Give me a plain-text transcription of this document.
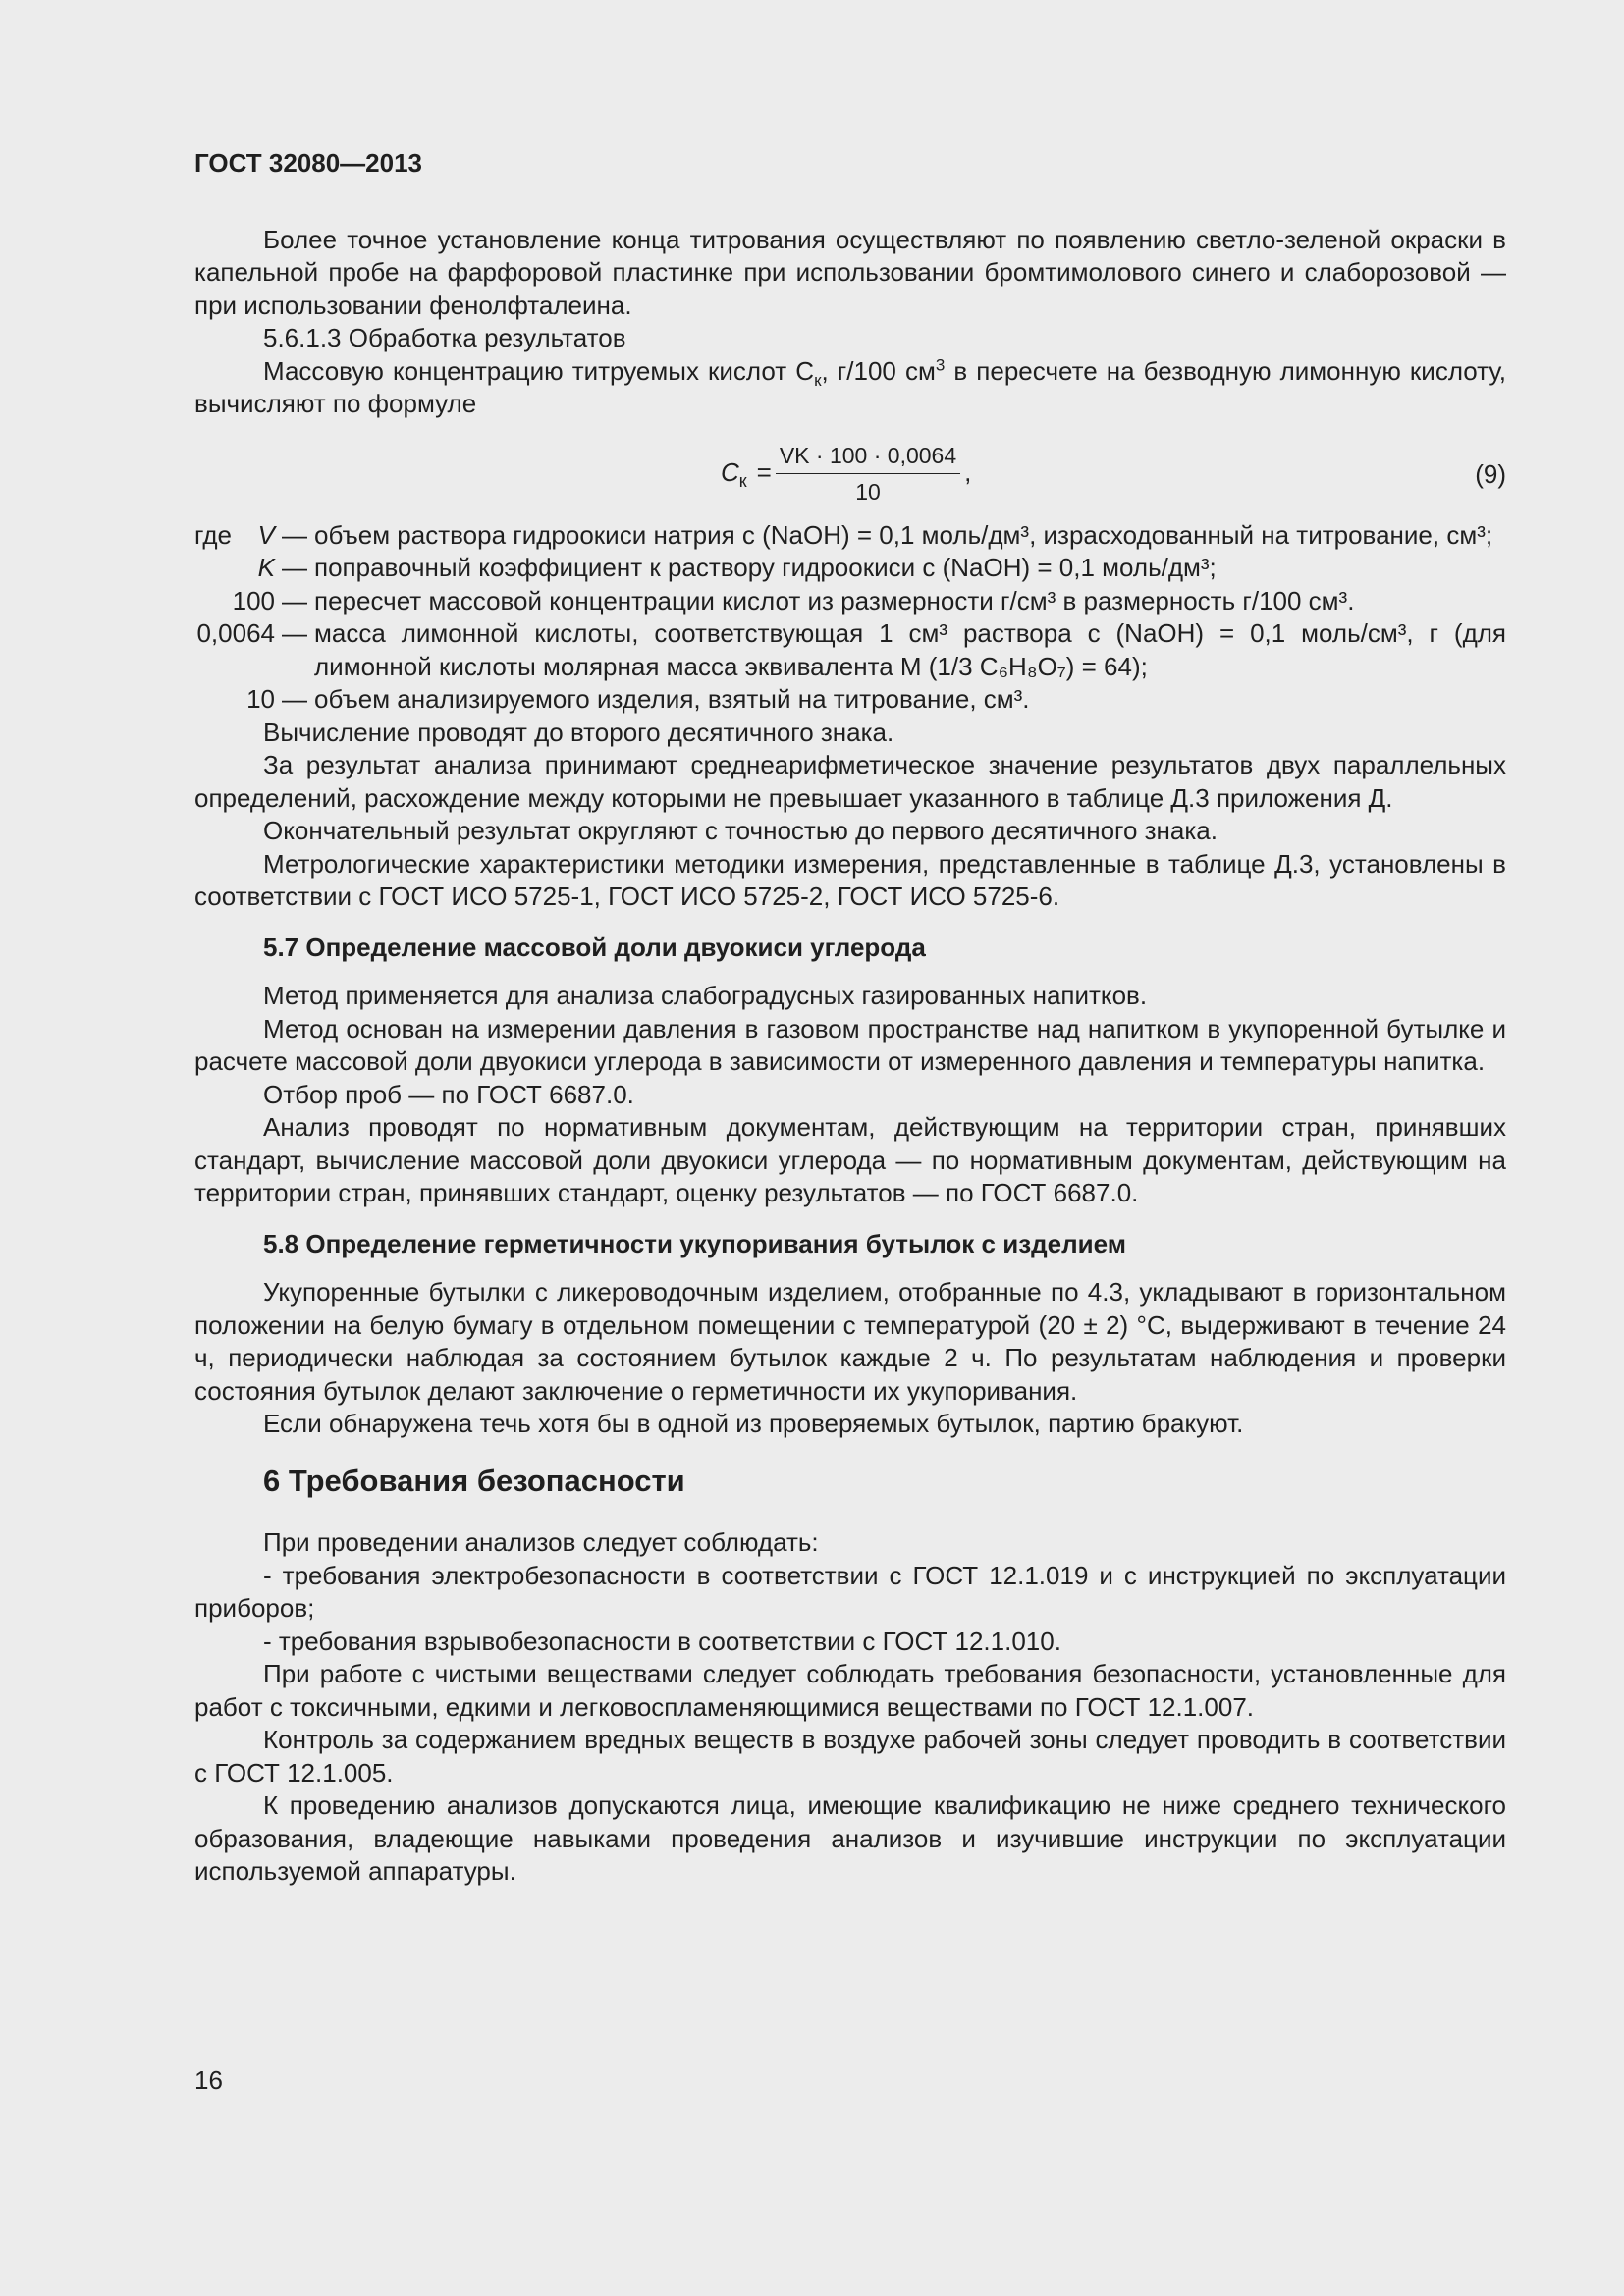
ГОСТ 32080—2013

Более точное установление конца титрования осуществляют по появлению светло-зеленой окраски в капельной пробе на фарфоровой пластинке при использовании бромтимолового синего и слаборозовой — при использовании фенолфталеина.

5.6.1.3 Обработка результатов

Массовую концентрацию титруемых кислот $C_к$, г/100 $см^3$ в пересчете на безводную лимонную кислоту, вычисляют по формуле

$C_к = \frac{VK \cdot 100 \cdot 0,0064}{10}$ ,	(9)
где V — объем раствора гидроокиси натрия c (NaOH) = 0,1 моль/дм³, израсходованный на титрование, см³;
K — поправочный коэффициент к раствору гидроокиси c (NaOH) = 0,1 моль/дм³;
100 — пересчет массовой концентрации кислот из размерности г/см³ в размерность г/100 см³.
0,0064 — масса лимонной кислоты, соответствующая 1 см³ раствора c (NaOH) = 0,1 моль/см³, г (для лимонной кислоты молярная масса эквивалента M (1/3 C₆H₈O₇) = 64);
10 — объем анализируемого изделия, взятый на титрование, см³.

Вычисление проводят до второго десятичного знака.

За результат анализа принимают среднеарифметическое значение результатов двух параллельных определений, расхождение между которыми не превышает указанного в таблице Д.3 приложения Д.

Окончательный результат округляют с точностью до первого десятичного знака.

Метрологические характеристики методики измерения, представленные в таблице Д.3, установлены в соответствии с ГОСТ ИСО 5725-1, ГОСТ ИСО 5725-2, ГОСТ ИСО 5725-6.

5.7 Определение массовой доли двуокиси углерода

Метод применяется для анализа слабоградусных газированных напитков.

Метод основан на измерении давления в газовом пространстве над напитком в укупоренной бутылке и расчете массовой доли двуокиси углерода в зависимости от измеренного давления и температуры напитка.

Отбор проб — по ГОСТ 6687.0.

Анализ проводят по нормативным документам, действующим на территории стран, принявших стандарт, вычисление массовой доли двуокиси углерода — по нормативным документам, действующим на территории стран, принявших стандарт, оценку результатов — по ГОСТ 6687.0.

5.8 Определение герметичности укупоривания бутылок с изделием

Укупоренные бутылки с ликероводочным изделием, отобранные по 4.3, укладывают в горизонтальном положении на белую бумагу в отдельном помещении с температурой (20 ± 2) °C, выдерживают в течение 24 ч, периодически наблюдая за состоянием бутылок каждые 2 ч. По результатам наблюдения и проверки состояния бутылок делают заключение о герметичности их укупоривания.

Если обнаружена течь хотя бы в одной из проверяемых бутылок, партию бракуют.

6 Требования безопасности

При проведении анализов следует соблюдать:

- требования электробезопасности в соответствии с ГОСТ 12.1.019 и с инструкцией по эксплуатации приборов;

- требования взрывобезопасности в соответствии с ГОСТ 12.1.010.

При работе с чистыми веществами следует соблюдать требования безопасности, установленные для работ с токсичными, едкими и легковоспламеняющимися веществами по ГОСТ 12.1.007.

Контроль за содержанием вредных веществ в воздухе рабочей зоны следует проводить в соответствии с ГОСТ 12.1.005.

К проведению анализов допускаются лица, имеющие квалификацию не ниже среднего технического образования, владеющие навыками проведения анализов и изучившие инструкции по эксплуатации используемой аппаратуры.

16
